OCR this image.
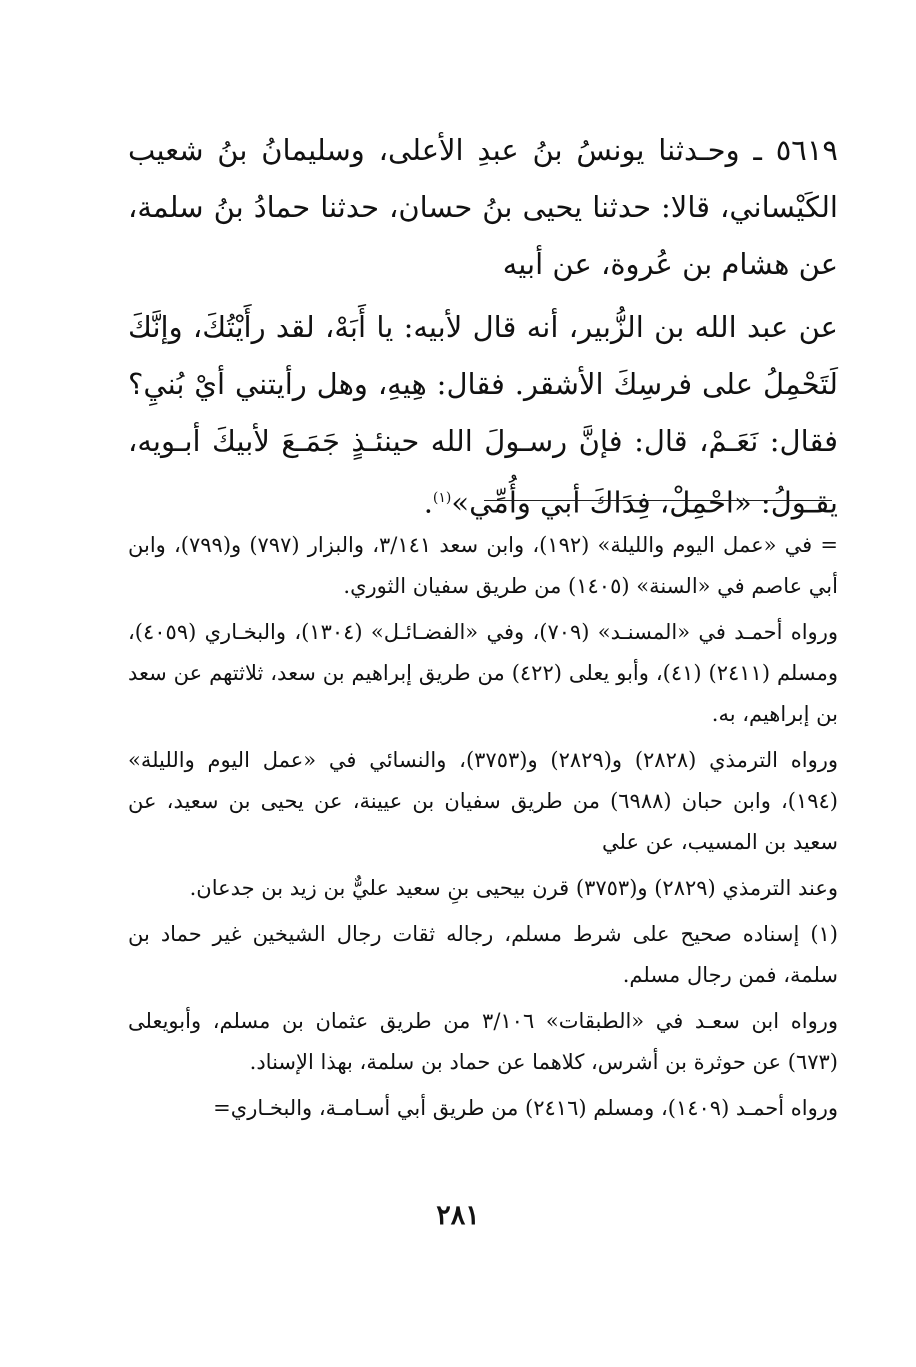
٥٦١٩ ـ وحـدثنا يونسُ بنُ عبدِ الأعلى، وسليمانُ بنُ شعيب الكَيْساني، قالا: حدثنا يحيى بنُ حسان، حدثنا حمادُ بنُ سلمة، عن هشام بن عُروة، عن أبيه

عن عبد الله بن الزُّبير، أنه قال لأبيه: يا أَبَهْ، لقد رأَيْتُكَ، وإنَّكَ لَتَحْمِلُ على فرسِكَ الأشقر. فقال: هِيهِ، وهل رأيتني أيْ بُنيِ؟ فقال: نَعَـمْ، قال: فإنَّ رسـولَ الله حينئـذٍ جَمَـعَ لأبيكَ أبـويه، يقـولُ: «احْمِلْ، فِدَاكَ أبي وأُمِّي»$^{(١)}$.

= في «عمل اليوم والليلة» (١٩٢)، وابن سعد ٣/١٤١، والبزار (٧٩٧) و(٧٩٩)، وابن أبي عاصم في «السنة» (١٤٠٥) من طريق سفيان الثوري.

ورواه أحمـد في «المسنـد» (٧٠٩)، وفي «الفضـائـل» (١٣٠٤)، والبخـاري (٤٠٥٩)، ومسلم (٢٤١١) (٤١)، وأبو يعلى (٤٢٢) من طريق إبراهيم بن سعد، ثلاثتهم عن سعد بن إبراهيم، به.

ورواه الترمذي (٢٨٢٨) و(٢٨٢٩) و(٣٧٥٣)، والنسائي في «عمل اليوم والليلة» (١٩٤)، وابن حبان (٦٩٨٨) من طريق سفيان بن عيينة، عن يحيى بن سعيد، عن سعيد بن المسيب، عن علي

وعند الترمذي (٢٨٢٩) و(٣٧٥٣) قرن بيحيى بنِ سعيد عليٌّ بن زيد بن جدعان.

(١) إسناده صحيح على شرط مسلم، رجاله ثقات رجال الشيخين غير حماد بن سلمة، فمن رجال مسلم.

ورواه ابن سعـد في «الطبقات» ٣/١٠٦ من طريق عثمان بن مسلم، وأبويعلى (٦٧٣) عن حوثرة بن أشرس، كلاهما عن حماد بن سلمة، بهذا الإسناد.

ورواه أحمـد (١٤٠٩)، ومسلم (٢٤١٦) من طريق أبي أسـامـة، والبخـاري=

٢٨١
